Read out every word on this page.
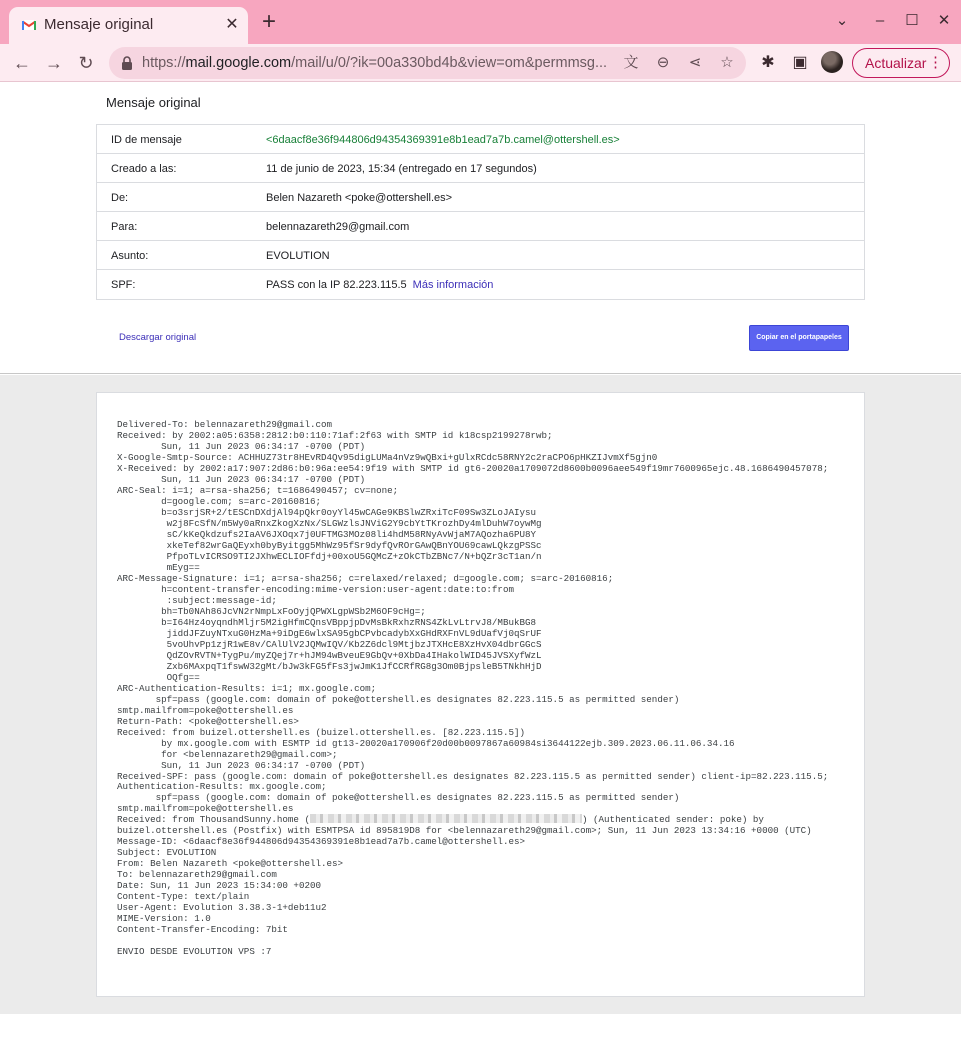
Mensaje original	✕ +	⌄	–	☐ ✕
← → ↻	https://mail.google.com/mail/u/0/?ik=00a330bd4b&view=om&permmsg...	文 ⊖ ⋖ ☆ ✱ ▣	Actualizar ⋮
Mensaje original
ID de mensaje	<6daacf8e36f944806d94354369391e8b1ead7a7b.camel@ottershell.es>
Creado a las:	11 de junio de 2023, 15:34 (entregado en 17 segundos)
De:	Belen Nazareth <poke@ottershell.es>
Para:	belennazareth29@gmail.com
Asunto:	EVOLUTION
SPF:	PASS con la IP 82.223.115.5 Más información
Descargar original	Copiar en el portapapeles
Delivered-To: belennazareth29@gmail.com
Received: by 2002:a05:6358:2812:b0:110:71af:2f63 with SMTP id k18csp2199278rwb;
Sun, 11 Jun 2023 06:34:17 -0700 (PDT)
X-Google-Smtp-Source: ACHHUZ73tr8HEvRD4Qv95digLUMa4nVz9wQBxi+gUlxRCdc58RNY2c2raCPO6pHKZIJvmXf5gjn0
X-Received: by 2002:a17:907:2d86:b0:96a:ee54:9f19 with SMTP id gt6-20020a1709072d8600b0096aee549f19mr7600965ejc.48.1686490457078;
Sun, 11 Jun 2023 06:34:17 -0700 (PDT)
ARC-Seal: i=1; a=rsa-sha256; t=1686490457; cv=none;
d=google.com; s=arc-20160816;
b=o3srjSR+2/tESCnDXdjAl94pQkr0oyYl45wCAGe9KBSlwZRxiTcF09Sw3ZLoJAIysu
w2j8FcSfN/m5Wy0aRnxZkogXzNx/SLGWzlsJNViG2Y9cbYtTKrozhDy4mlDuhW7oywMg
sC/kKeQkdzufs2IaAV6JXOqx7j0UFTMG3MOz08li4hdM58RNyAvWjaM7AQozha6PU8Y
xkeTef82wrGaQEyxh0byByitgg5MhWz95fSr9dyfQvROrGAwQBnYOU69cawLQkzgPSSc
PfpoTLvICRSO9TI2JXhwECLIOFfdj+00xoU5GQMcZ+zOkCTbZBNc7/N+bQZr3cT1an/n
mEyg==
ARC-Message-Signature: i=1; a=rsa-sha256; c=relaxed/relaxed; d=google.com; s=arc-20160816;
h=content-transfer-encoding:mime-version:user-agent:date:to:from
:subject:message-id;
bh=Tb0NAh86JcVN2rNmpLxFoOyjQPWXLgpWSb2M6OF9cHg=;
b=I64Hz4oyqndhMljr5M2igHfmCQnsVBppjpDvMsBkRxhzRNS4ZkLvLtrvJ8/MBukBG8
jiddJFZuyNTxuG0HzMa+9iDgE6wlxSA95gbCPvbcadybXxGHdRXFnVL9dUafVj0qSrUF
5voUhvPp1zjR1wE8v/CAlUlV2JQMwIQV/Kb2Z6dcl9MtjbzJTXHcE8XzHvX04dbrGGcS
QdZOvRVTN+TygPu/myZQej7r+hJM94wBveuE9GbQv+0XbDa4IHakolWID45JVSXyfWzL
Zxb6MAxpqT1fswW32gMt/bJw3kFG5fFs3jwJmK1JfCCRfRG8g3Om0BjpsleB5TNkhHjD
OQfg==
ARC-Authentication-Results: i=1; mx.google.com;
spf=pass (google.com: domain of poke@ottershell.es designates 82.223.115.5 as permitted sender)
smtp.mailfrom=poke@ottershell.es
Return-Path: <poke@ottershell.es>
Received: from buizel.ottershell.es (buizel.ottershell.es. [82.223.115.5])
by mx.google.com with ESMTP id gt13-20020a170906f20d00b0097867a60984si3644122ejb.309.2023.06.11.06.34.16
for <belennazareth29@gmail.com>;
Sun, 11 Jun 2023 06:34:17 -0700 (PDT)
Received-SPF: pass (google.com: domain of poke@ottershell.es designates 82.223.115.5 as permitted sender) client-ip=82.223.115.5;
Authentication-Results: mx.google.com;
spf=pass (google.com: domain of poke@ottershell.es designates 82.223.115.5 as permitted sender)
smtp.mailfrom=poke@ottershell.es
Received: from ThousandSunny.home (	) (Authenticated sender: poke) by
buizel.ottershell.es (Postfix) with ESMTPSA id 895819D8 for <belennazareth29@gmail.com>; Sun, 11 Jun 2023 13:34:16 +0000 (UTC)
Message-ID: <6daacf8e36f944806d94354369391e8b1ead7a7b.camel@ottershell.es>
Subject: EVOLUTION
From: Belen Nazareth <poke@ottershell.es>
To: belennazareth29@gmail.com
Date: Sun, 11 Jun 2023 15:34:00 +0200
Content-Type: text/plain
User-Agent: Evolution 3.38.3-1+deb11u2
MIME-Version: 1.0
Content-Transfer-Encoding: 7bit

ENVIO DESDE EVOLUTION VPS :7
